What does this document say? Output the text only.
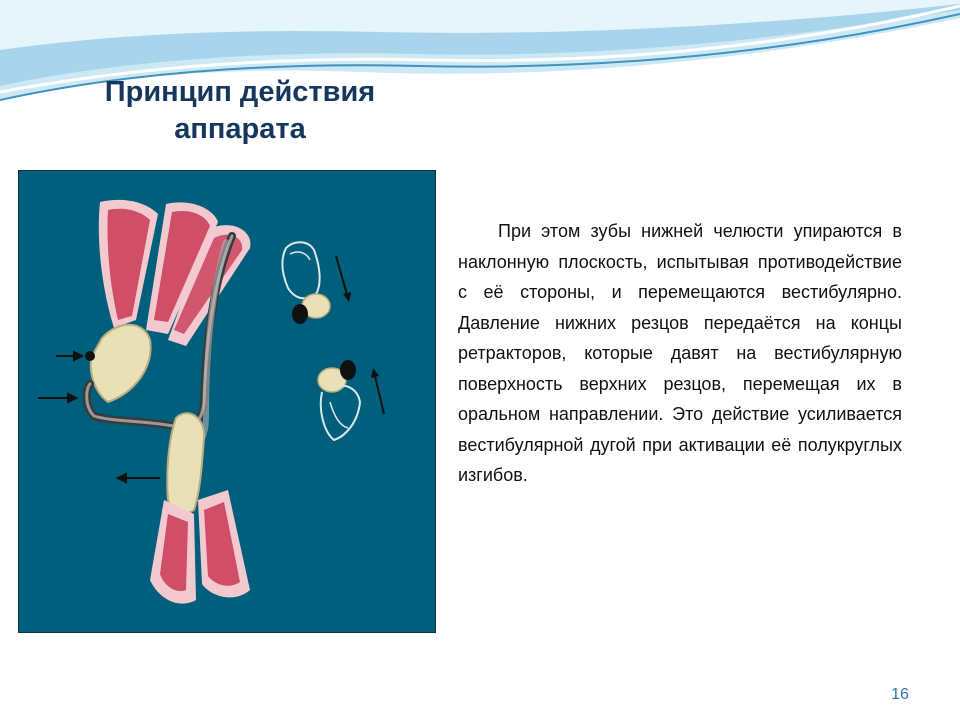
Принцип действия
аппарата
При этом зубы нижней челюсти упираются в наклонную плоскость, испытывая противодействие с её стороны, и перемещаются вестибулярно. Давление нижних резцов передаётся на концы ретракторов, которые давят на вестибулярную поверхность верхних резцов, перемещая их в оральном направлении. Это действие усиливается вестибулярной дугой при активации её полукруглых изгибов.
16
